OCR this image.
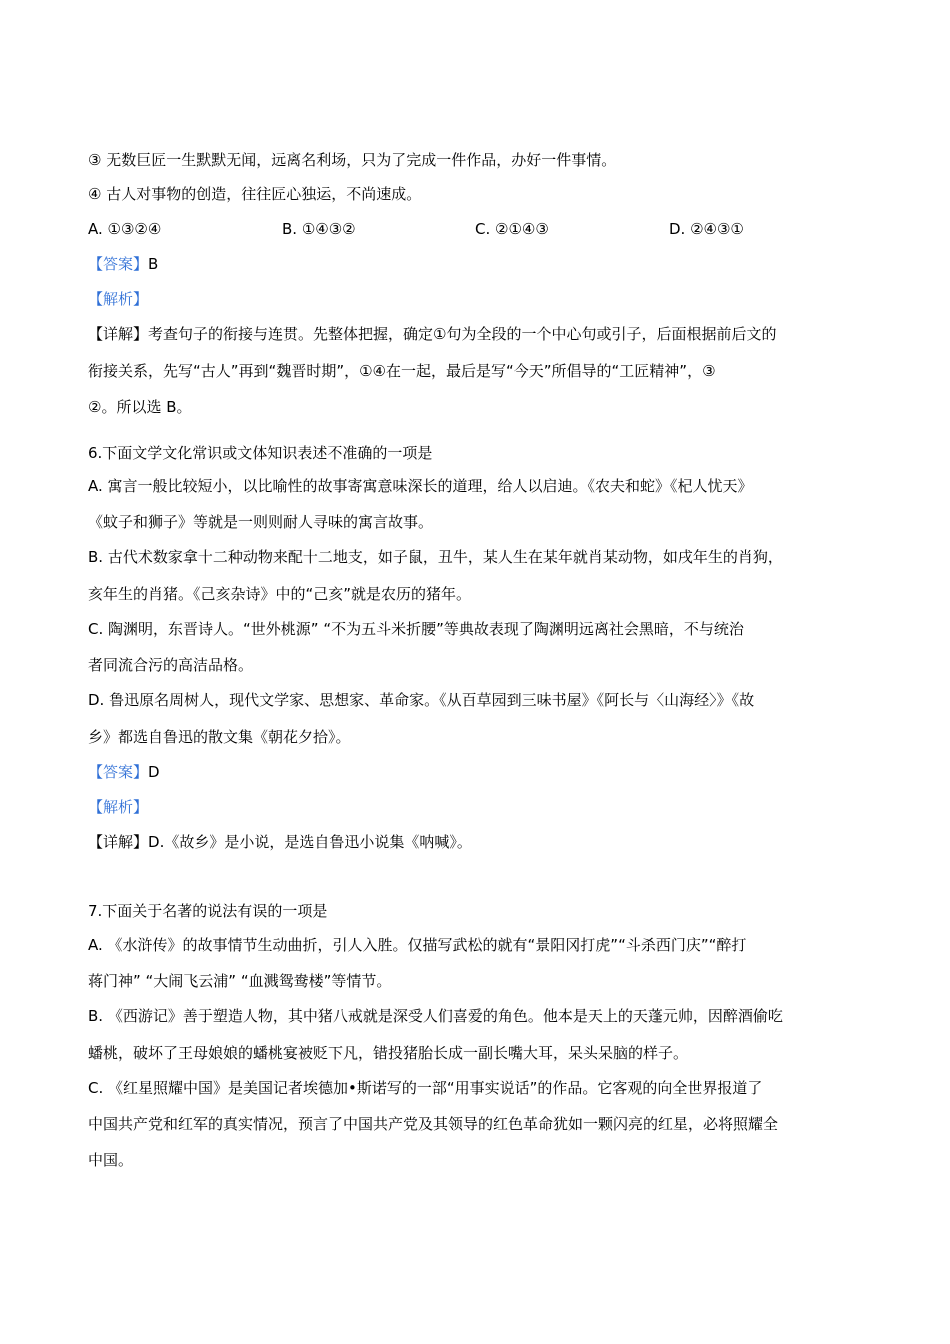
③ 无数巨匠一生默默无闻，远离名利场，只为了完成一件作品，办好一件事情。
④ 古人对事物的创造，往往匠心独运，不尚速成。
A. ①③②④	B. ①④③②	C. ②①④③	D. ②④③①
【答案】B
【解析】
【详解】考查句子的衔接与连贯。先整体把握，确定①句为全段的一个中心句或引子，后面根据前后文的
衔接关系，先写“古人”再到“魏晋时期”，①④在一起，最后是写“今天”所倡导的“工匠精神”，③
②。所以选 B。
6.下面文学文化常识或文体知识表述不准确的一项是
A. 寓言一般比较短小，以比喻性的故事寄寓意味深长的道理，给人以启迪。《农夫和蛇》《杞人忧天》
《蚊子和狮子》等就是一则则耐人寻味的寓言故事。
B. 古代术数家拿十二种动物来配十二地支，如子鼠，丑牛，某人生在某年就肖某动物，如戌年生的肖狗，
亥年生的肖猪。《己亥杂诗》中的“己亥”就是农历的猪年。
C. 陶渊明，东晋诗人。“世外桃源” “不为五斗米折腰”等典故表现了陶渊明远离社会黑暗，不与统治
者同流合污的高洁品格。
D. 鲁迅原名周树人，现代文学家、思想家、革命家。《从百草园到三味书屋》《阿长与〈山海经〉》《故
乡》都选自鲁迅的散文集《朝花夕拾》。
【答案】D
【解析】
【详解】D.《故乡》是小说，是选自鲁迅小说集《呐喊》。
7.下面关于名著的说法有误的一项是
A. 《水浒传》的故事情节生动曲折，引人入胜。仅描写武松的就有“景阳冈打虎”“斗杀西门庆”“醉打
蒋门神” “大闹飞云浦” “血溅鸳鸯楼”等情节。
B. 《西游记》善于塑造人物，其中猪八戒就是深受人们喜爱的角色。他本是天上的天蓬元帅，因醉酒偷吃
蟠桃，破坏了王母娘娘的蟠桃宴被贬下凡，错投猪胎长成一副长嘴大耳，呆头呆脑的样子。
C. 《红星照耀中国》是美国记者埃德加•斯诺写的一部“用事实说话”的作品。它客观的向全世界报道了
中国共产党和红军的真实情况，预言了中国共产党及其领导的红色革命犹如一颗闪亮的红星，必将照耀全
中国。
